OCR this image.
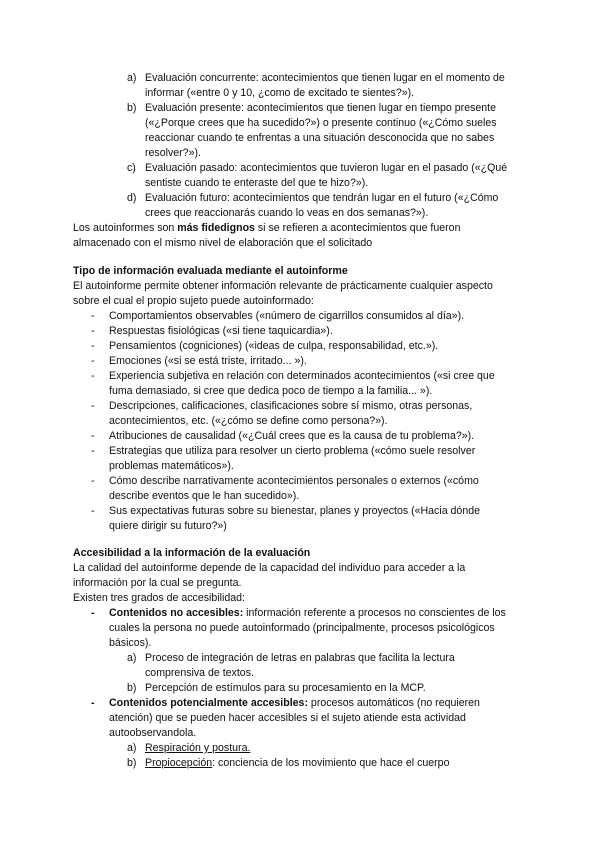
a) Evaluación concurrente: acontecimientos que tienen lugar en el momento de
informar («entre 0 y 10, ¿como de excitado te sientes?»).
b) Evaluación presente: acontecimientos que tienen lugar en tiempo presente
(«¿Porque crees que ha sucedido?») o presente continuo («¿Cómo sueles
reaccionar cuando te enfrentas a una situación desconocida que no sabes
resolver?»).
c) Evaluación pasado: acontecimientos que tuvieron lugar en el pasado («¿Qué
sentiste cuando te enteraste del que te hizo?»).
d) Evaluación futuro: acontecimientos que tendrán lugar en el futuro («¿Cómo
crees que reaccionarás cuando lo veas en dos semanas?»).
Los autoinformes son más fidedignos si se refieren a acontecimientos que fueron
almacenado con el mismo nivel de elaboración que el solicitado
Tipo de información evaluada mediante el autoinforme
El autoinforme permite obtener información relevante de prácticamente cualquier aspecto
sobre el cual el propio sujeto puede autoinformado:
- Comportamientos observables («número de cigarrillos consumidos al día»).
- Respuestas fisiológicas («si tiene taquicardia»).
- Pensamientos (cogniciones) («ideas de culpa, responsabilidad, etc.»).
- Emociones («si se está triste, irritado... »).
- Experiencia subjetiva en relación con determinados acontecimientos («si cree que
fuma demasiado, si cree que dedica poco de tiempo a la familia... »).
- Descripciones, calificaciones, clasificaciones sobre sí mismo, otras personas,
acontecimientos, etc. («¿cómo se define como persona?»).
- Atribuciones de causalidad («¿Cuál crees que es la causa de tu problema?»).
- Estrategias que utiliza para resolver un cierto problema («cómo suele resolver
problemas matemáticos»).
- Cómo describe narrativamente acontecimientos personales o externos («cómo
describe eventos que le han sucedido»).
- Sus expectativas futuras sobre su bienestar, planes y proyectos («Hacia dónde
quiere dirigir su futuro?»)
Accesibilidad a la información de la evaluación
La calidad del autoinforme depende de la capacidad del individuo para acceder a la
información por la cual se pregunta.
Existen tres grados de accesibilidad:
- Contenidos no accesibles: información referente a procesos no conscientes de los
cuales la persona no puede autoinformado (principalmente, procesos psicológicos
básicos).
a) Proceso de integración de letras en palabras que facilita la lectura
comprensiva de textos.
b) Percepción de estímulos para su procesamiento en la MCP.
- Contenidos potencialmente accesibles: procesos automáticos (no requieren
atención) que se pueden hacer accesibles si el sujeto atiende esta actividad
autoobservandola.
a) Respiración y postura.
b) Propiocepción: conciencia de los movimiento que hace el cuerpo
